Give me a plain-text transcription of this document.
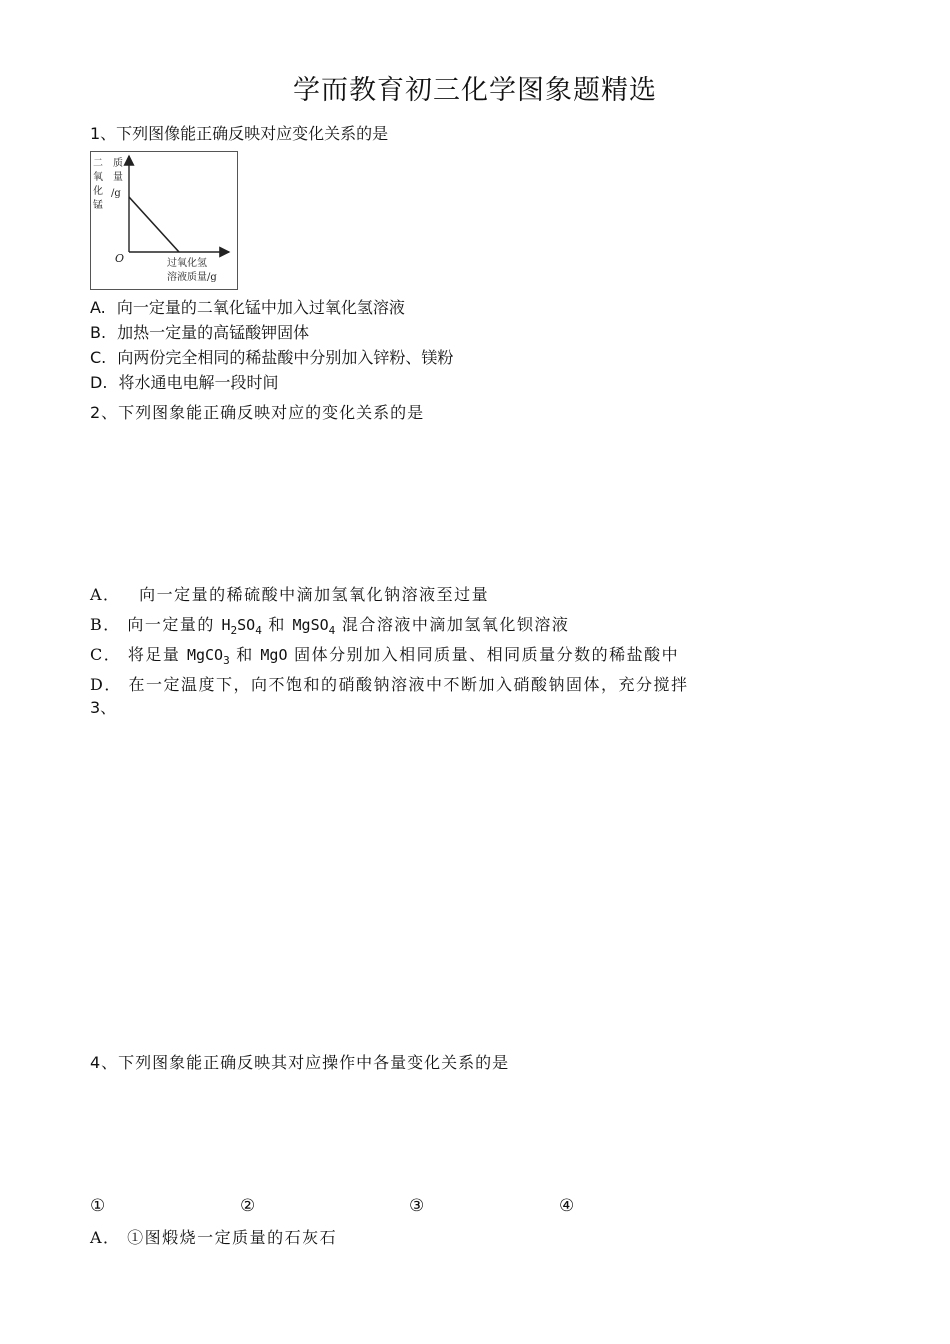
学而教育初三化学图象题精选
1、下列图像能正确反映对应变化关系的是
二
氧
化
锰
质
量
/g
O	过氧化氢
溶液质量/g
A. 向一定量的二氧化锰中加入过氧化氢溶液
B. 加热一定量的高锰酸钾固体
C. 向两份完全相同的稀盐酸中分别加入锌粉、镁粉
D. 将水通电电解一段时间
2、下列图象能正确反映对应的变化关系的是
A． 向一定量的稀硫酸中滴加氢氧化钠溶液至过量
B． 向一定量的 $H_2SO_4$ 和 MgSO$_4$ 混合溶液中滴加氢氧化钡溶液
C． 将足量 MgCO$_3$ 和 MgO 固体分别加入相同质量、相同质量分数的稀盐酸中
D． 在一定温度下，向不饱和的硝酸钠溶液中不断加入硝酸钠固体，充分搅拌
3、
4、下列图象能正确反映其对应操作中各量变化关系的是
①	②	③	④
A． ①图煅烧一定质量的石灰石
